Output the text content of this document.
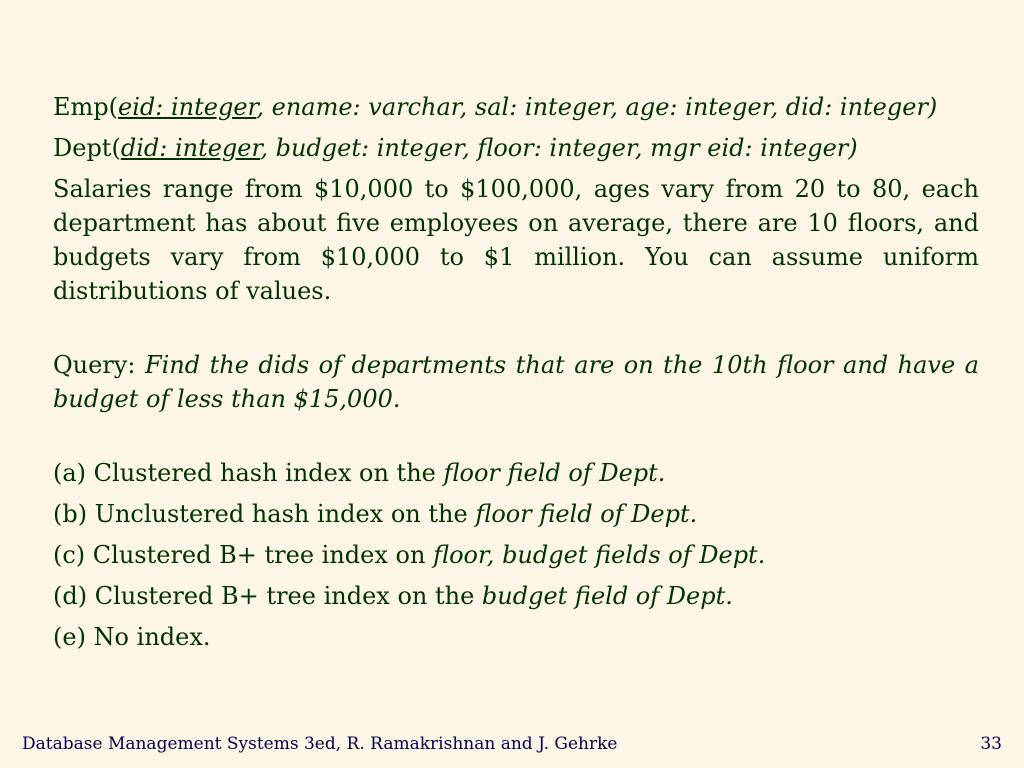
Emp(eid: integer, ename: varchar, sal: integer, age: integer, did: integer)
Dept(did: integer, budget: integer, floor: integer, mgr eid: integer)

Salaries range from $10,000 to $100,000, ages vary from 20 to 80, each department has about five employees on average, there are 10 floors, and budgets vary from $10,000 to $1 million. You can assume uniform distributions of values.

Query: Find the dids of departments that are on the 10th floor and have a budget of less than $15,000.

(a) Clustered hash index on the floor field of Dept.
(b) Unclustered hash index on the floor field of Dept.
(c) Clustered B+ tree index on floor, budget fields of Dept.
(d) Clustered B+ tree index on the budget field of Dept.
(e) No index.
Database Management Systems 3ed, R. Ramakrishnan and J. Gehrke	33
